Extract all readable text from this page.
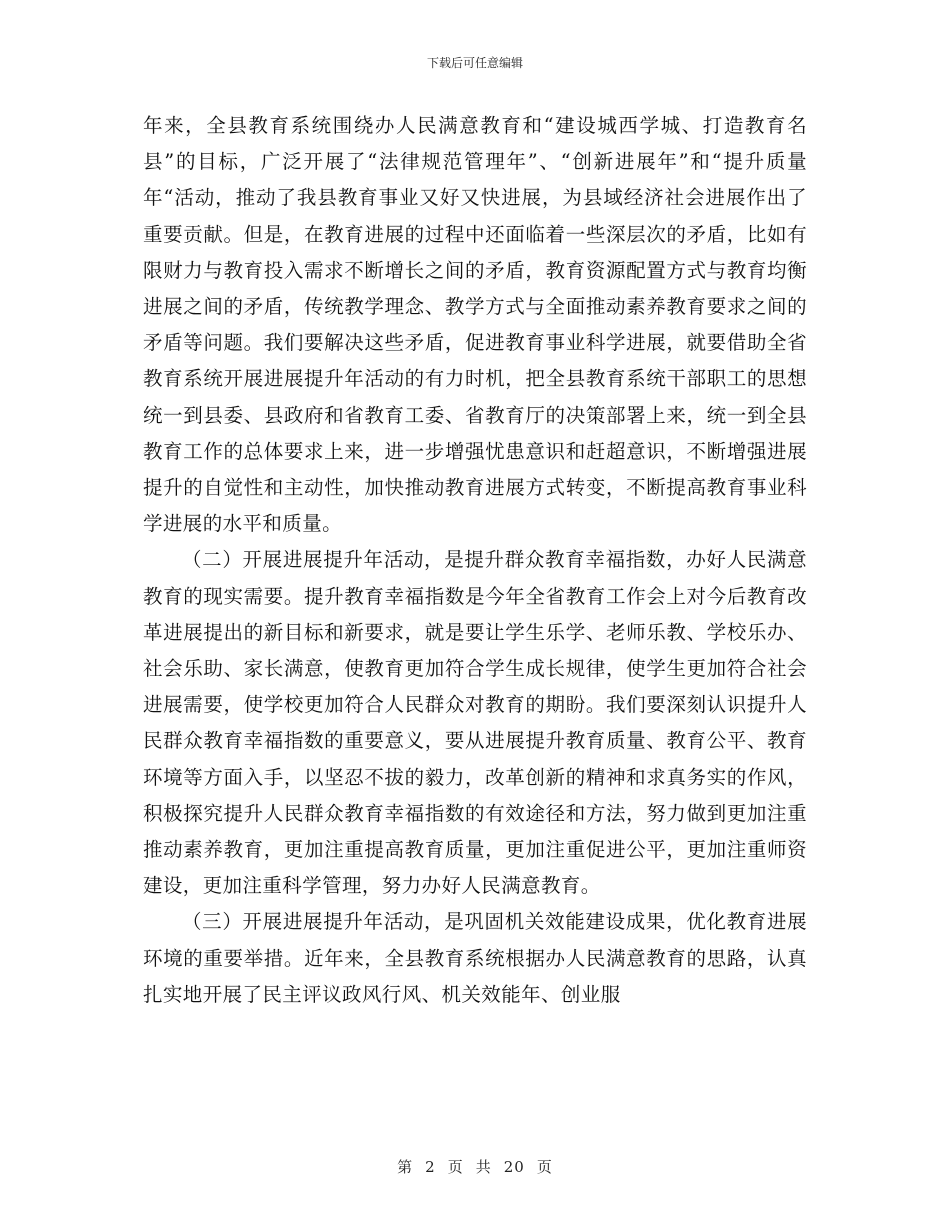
下载后可任意编辑

年来，全县教育系统围绕办人民满意教育和“建设城西学城、打造教育名县”的目标，广泛开展了“法律规范管理年”、“创新进展年”和“提升质量年“活动，推动了我县教育事业又好又快进展，为县域经济社会进展作出了重要贡献。但是，在教育进展的过程中还面临着一些深层次的矛盾，比如有限财力与教育投入需求不断增长之间的矛盾，教育资源配置方式与教育均衡进展之间的矛盾，传统教学理念、教学方式与全面推动素养教育要求之间的矛盾等问题。我们要解决这些矛盾，促进教育事业科学进展，就要借助全省教育系统开展进展提升年活动的有力时机，把全县教育系统干部职工的思想统一到县委、县政府和省教育工委、省教育厅的决策部署上来，统一到全县教育工作的总体要求上来，进一步增强忧患意识和赶超意识，不断增强进展提升的自觉性和主动性，加快推动教育进展方式转变，不断提高教育事业科学进展的水平和质量。

（二）开展进展提升年活动，是提升群众教育幸福指数，办好人民满意教育的现实需要。提升教育幸福指数是今年全省教育工作会上对今后教育改革进展提出的新目标和新要求，就是要让学生乐学、老师乐教、学校乐办、社会乐助、家长满意，使教育更加符合学生成长规律，使学生更加符合社会进展需要，使学校更加符合人民群众对教育的期盼。我们要深刻认识提升人民群众教育幸福指数的重要意义，要从进展提升教育质量、教育公平、教育环境等方面入手，以坚忍不拔的毅力，改革创新的精神和求真务实的作风，积极探究提升人民群众教育幸福指数的有效途径和方法，努力做到更加注重推动素养教育，更加注重提高教育质量，更加注重促进公平，更加注重师资建设，更加注重科学管理，努力办好人民满意教育。

（三）开展进展提升年活动，是巩固机关效能建设成果，优化教育进展环境的重要举措。近年来，全县教育系统根据办人民满意教育的思路，认真扎实地开展了民主评议政风行风、机关效能年、创业服

第 2 页 共 20 页
